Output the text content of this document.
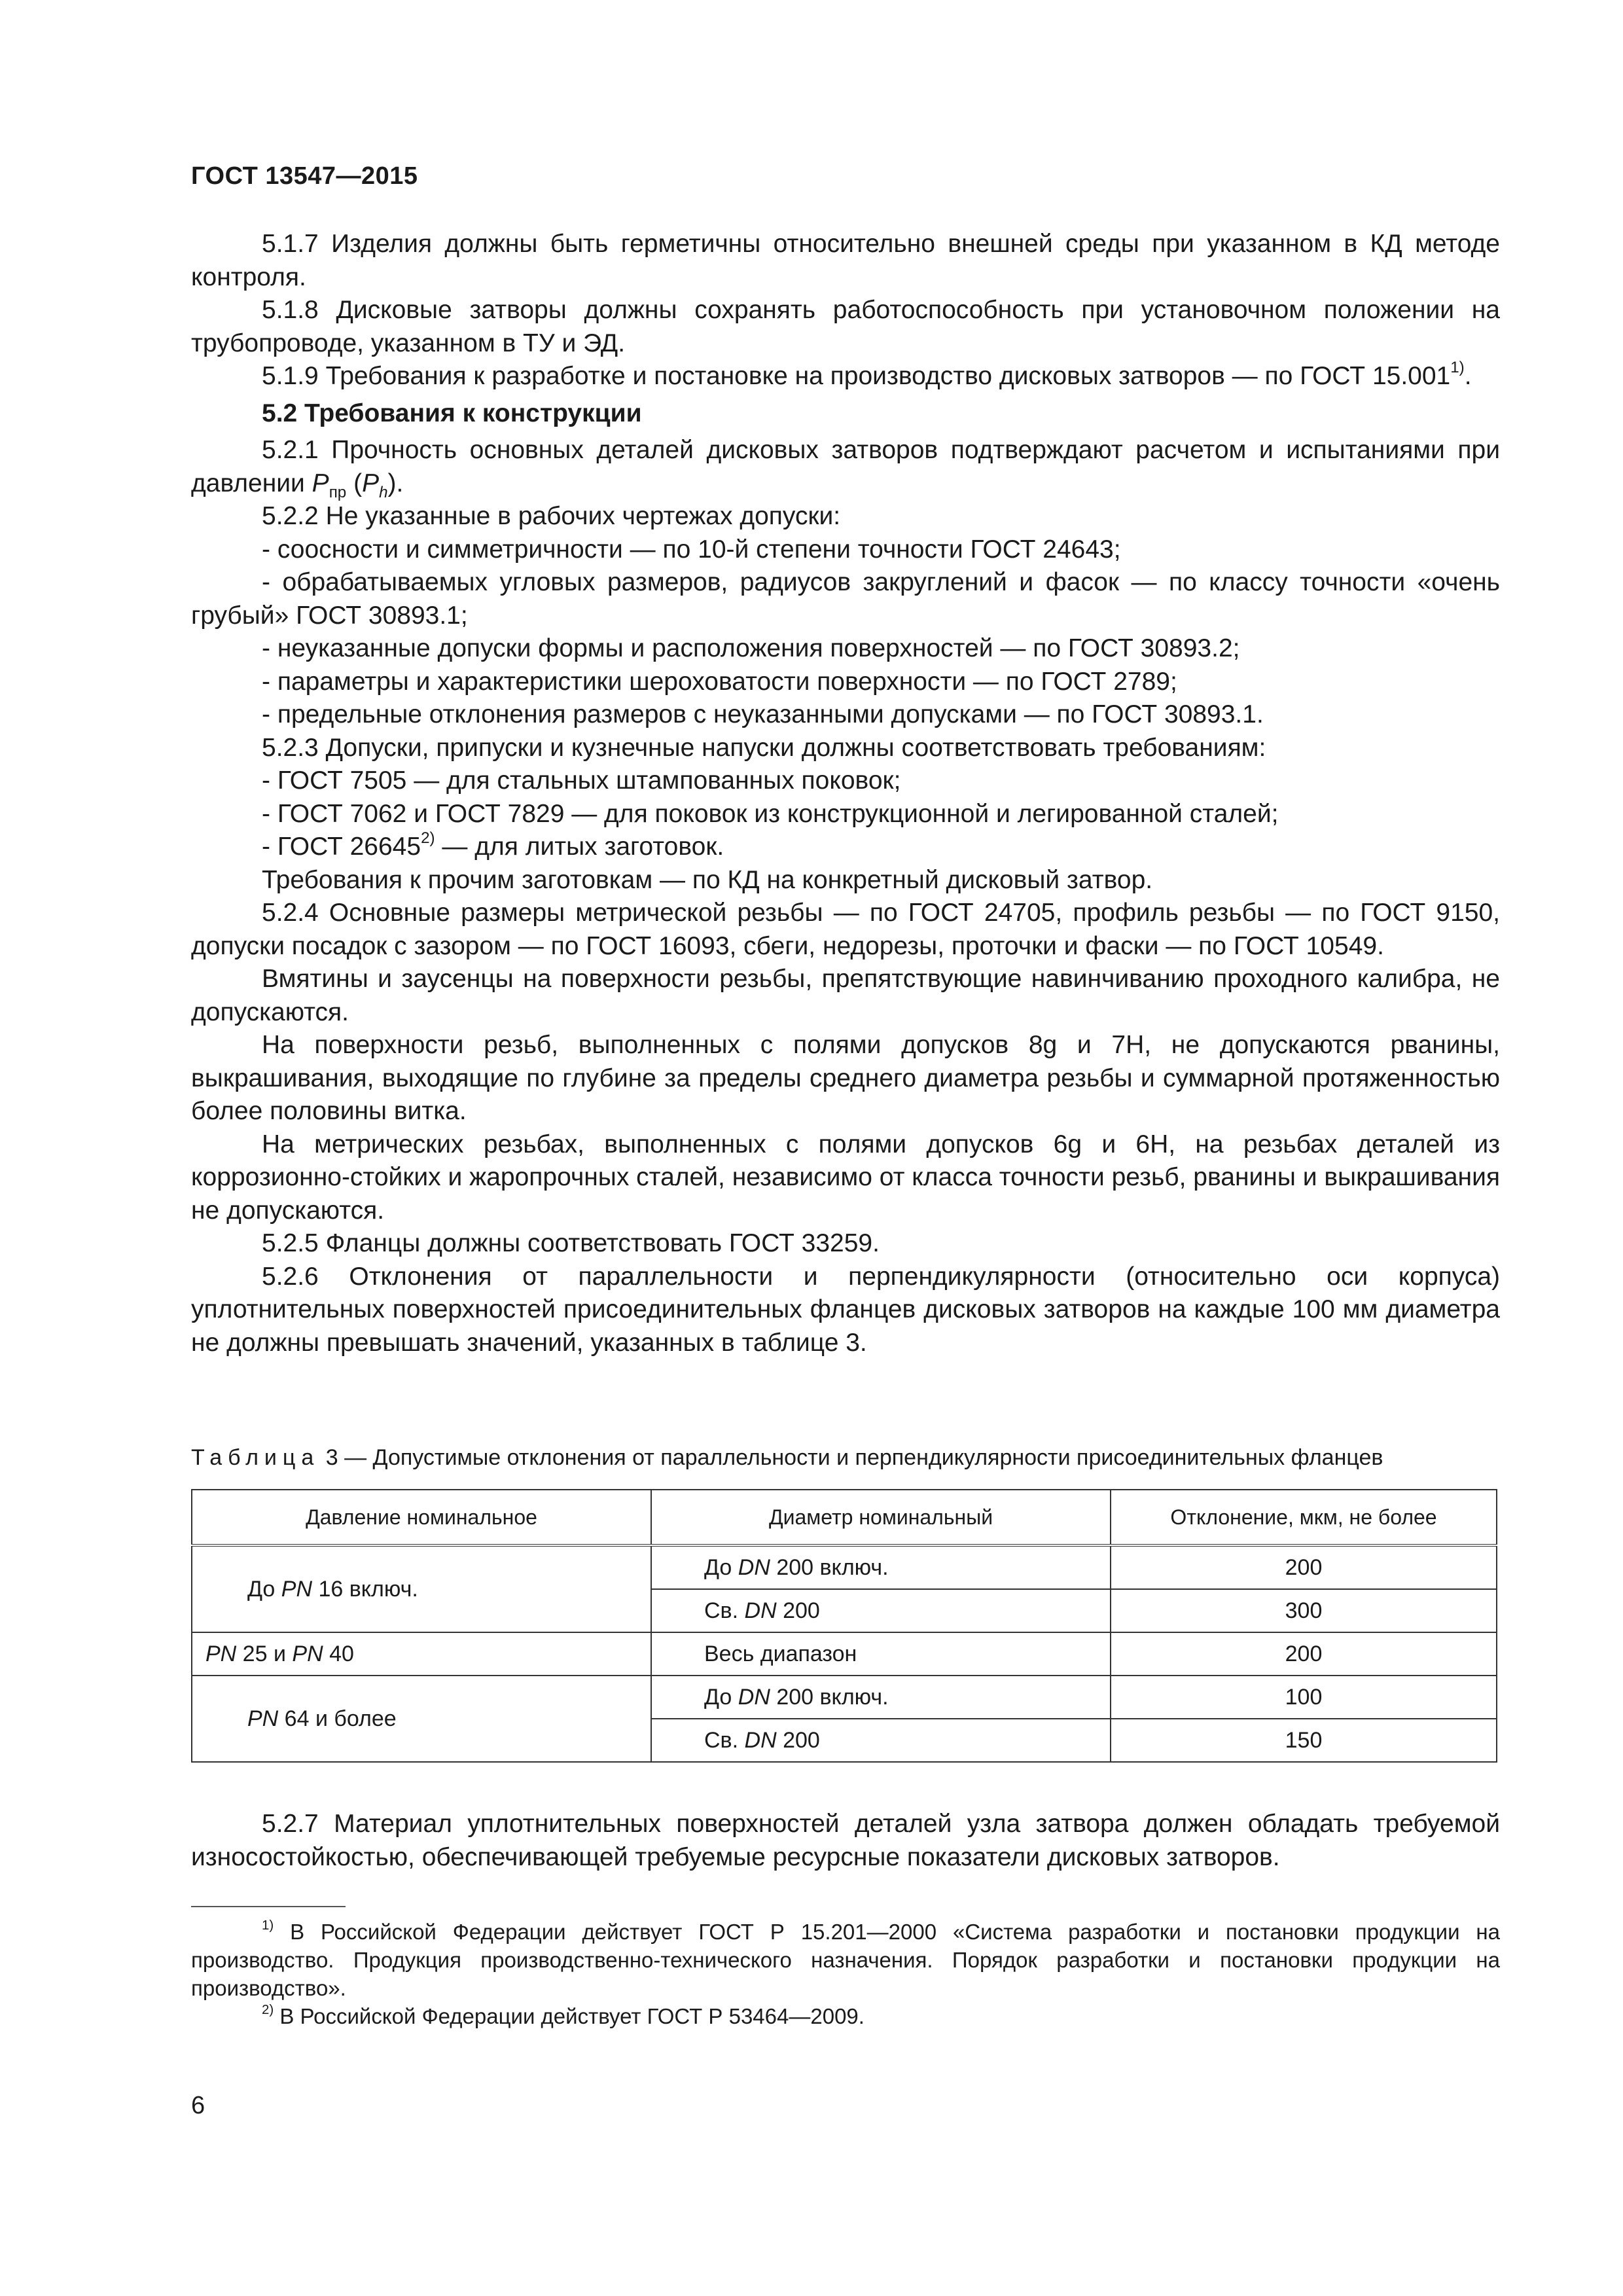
ГОСТ 13547—2015

5.1.7 Изделия должны быть герметичны относительно внешней среды при указанном в КД методе контроля.

5.1.8 Дисковые затворы должны сохранять работоспособность при установочном положении на трубопроводе, указанном в ТУ и ЭД.

5.1.9 Требования к разработке и постановке на производство дисковых затворов — по ГОСТ 15.001$^{1)}$.

5.2 Требования к конструкции

5.2.1 Прочность основных деталей дисковых затворов подтверждают расчетом и испытаниями при давлении $P_{пр}$ $(P_h)$.

5.2.2 Не указанные в рабочих чертежах допуски:

- соосности и симметричности — по 10-й степени точности ГОСТ 24643;

- обрабатываемых угловых размеров, радиусов закруглений и фасок — по классу точности «очень грубый» ГОСТ 30893.1;

- неуказанные допуски формы и расположения поверхностей — по ГОСТ 30893.2;

- параметры и характеристики шероховатости поверхности — по ГОСТ 2789;

- предельные отклонения размеров с неуказанными допусками — по ГОСТ 30893.1.

5.2.3 Допуски, припуски и кузнечные напуски должны соответствовать требованиям:

- ГОСТ 7505 — для стальных штампованных поковок;

- ГОСТ 7062 и ГОСТ 7829 — для поковок из конструкционной и легированной сталей;

- ГОСТ 26645$^{2)}$ — для литых заготовок.

Требования к прочим заготовкам — по КД на конкретный дисковый затвор.

5.2.4 Основные размеры метрической резьбы — по ГОСТ 24705, профиль резьбы — по ГОСТ 9150, допуски посадок с зазором — по ГОСТ 16093, сбеги, недорезы, проточки и фаски — по ГОСТ 10549.

Вмятины и заусенцы на поверхности резьбы, препятствующие навинчиванию проходного калибра, не допускаются.

На поверхности резьб, выполненных с полями допусков 8g и 7Н, не допускаются рванины, выкрашивания, выходящие по глубине за пределы среднего диаметра резьбы и суммарной протяженностью более половины витка.

На метрических резьбах, выполненных с полями допусков 6g и 6Н, на резьбах деталей из коррозионно-стойких и жаропрочных сталей, независимо от класса точности резьб, рванины и выкрашивания не допускаются.

5.2.5 Фланцы должны соответствовать ГОСТ 33259.

5.2.6 Отклонения от параллельности и перпендикулярности (относительно оси корпуса) уплотнительных поверхностей присоединительных фланцев дисковых затворов на каждые 100 мм диаметра не должны превышать значений, указанных в таблице 3.

Таблица 3 — Допустимые отклонения от параллельности и перпендикулярности присоединительных фланцев
Давление номинальное	Диаметр номинальный	Отклонение, мкм, не более
До PN 16 включ.	До DN 200 включ.	200
	Св. DN 200	300
PN 25 и PN 40	Весь диапазон	200
PN 64 и более	До DN 200 включ.	100
	Св. DN 200	150

5.2.7 Материал уплотнительных поверхностей деталей узла затвора должен обладать требуемой износостойкостью, обеспечивающей требуемые ресурсные показатели дисковых затворов.

$^{1)}$ В Российской Федерации действует ГОСТ Р 15.201—2000 «Система разработки и постановки продукции на производство. Продукция производственно-технического назначения. Порядок разработки и постановки продукции на производство».

$^{2)}$ В Российской Федерации действует ГОСТ Р 53464—2009.

6
